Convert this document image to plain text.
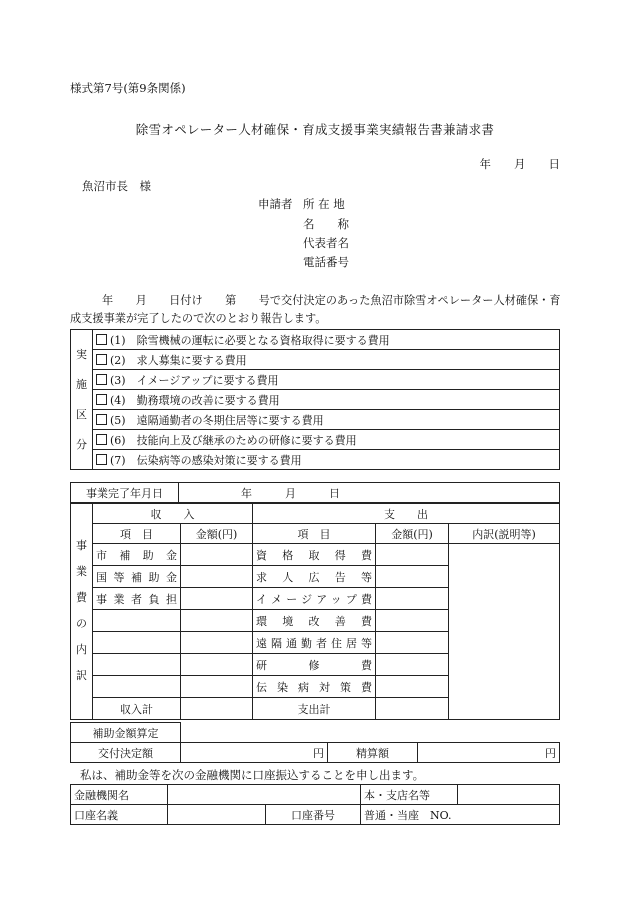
様式第7号(第9条関係)
除雪オペレーター人材確保・育成支援事業実績報告書兼請求書
年　　月　　日
魚沼市長　様
申請者 所 在 地
名　　称
代表者名
電話番号
年　　月　　日付け　　第　　号で交付決定のあった魚沼市除雪オペレーター人材確保・育成支援事業が完了したので次のとおり報告します。
実施区分	(1)　除雪機械の運転に必要となる資格取得に要する費用
(2)　求人募集に要する費用
(3)　イメージアップに要する費用
(4)　勤務環境の改善に要する費用
(5)　遠隔通勤者の冬期住居等に要する費用
(6)　技能向上及び継承のための研修に要する費用
(7)　伝染病等の感染対策に要する費用
事業完了年月日	年　　　月　　　日
事業費の内訳	収　　入		支　　出		
	項　目	金額(円)	項　目	金額(円)	内訳(説明等)
	市補助金		資格取得費		
	国等補助金		求人広告等		
	事業者負担		イメージアップ費		
			環境改善費		
			遠隔通勤者住居等		
			研修費		
			伝染病対策費		
	収入計		支出計		
補助金額算定			
交付決定額	円	精算額	円
私は、補助金等を次の金融機関に口座振込することを申し出ます。
金融機関名			本・支店名等	
口座名義		口座番号	普通・当座　NO.	
